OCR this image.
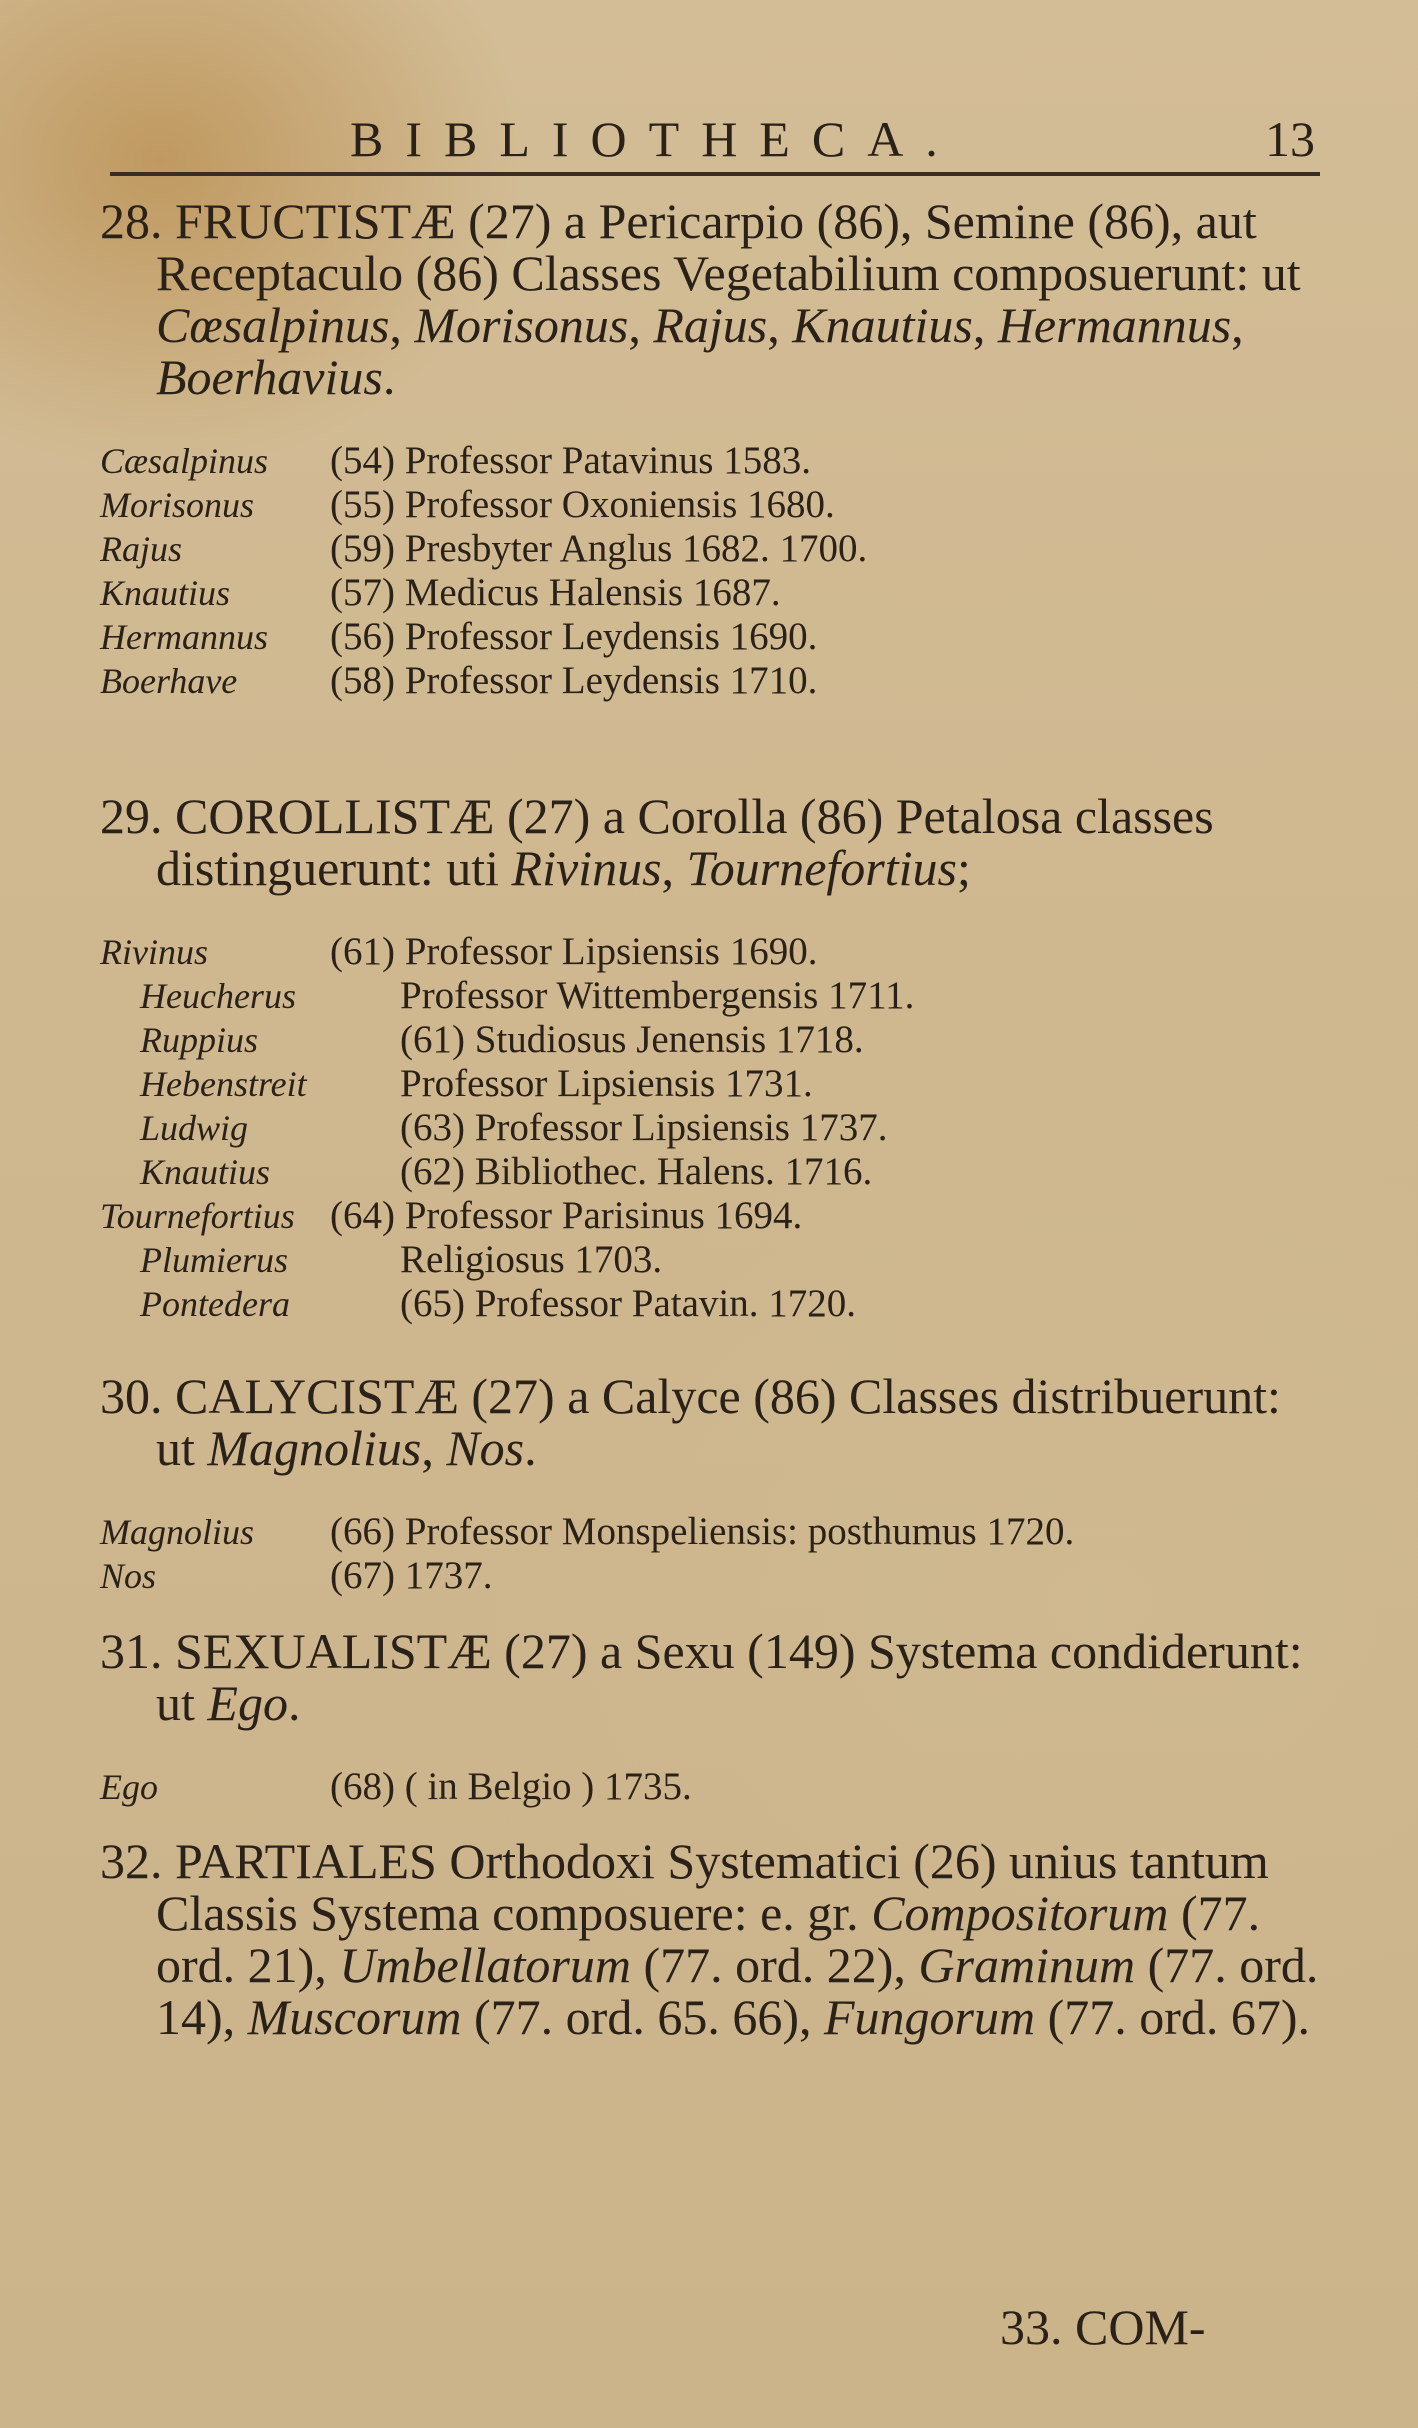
BIBLIOTHECA.	13

28. FRUCTISTÆ (27) a Pericarpio (86), Semine (86), aut Receptaculo (86) Classes Vegetabilium composuerunt: ut Cœsalpinus, Morisonus, Rajus, Knautius, Hermannus, Boerhavius.

Cæsalpinus (54) Professor Patavinus 1583.
Morisonus (55) Professor Oxoniensis 1680.
Rajus	(59) Presbyter Anglus 1682. 1700.
Knautius	(57) Medicus Halensis 1687.
Hermannus (56) Professor Leydensis 1690.
Boerhave (58) Professor Leydensis 1710.

29. COROLLISTÆ (27) a Corolla (86) Petalosa classes distinguerunt: uti Rivinus, Tournefortius;

Rivinus	(61) Professor Lipsiensis 1690.
Heucherus	Professor Wittembergensis 1711.
Ruppius	(61) Studiosus Jenensis 1718.
Hebenstreit Professor Lipsiensis 1731.
Ludwig	(63) Professor Lipsiensis 1737.
Knautius	(62) Bibliothec. Halens. 1716.
Tournefortius (64) Professor Parisinus 1694.
Plumierus	Religiosus 1703.
Pontedera	(65) Professor Patavin. 1720.

30. CALYCISTÆ (27) a Calyce (86) Classes distribuerunt: ut Magnolius, Nos.

Magnolius (66) Professor Monspeliensis: posthumus 1720.
Nos	(67) 1737.

31. SEXUALISTÆ (27) a Sexu (149) Systema condiderunt: ut Ego.

Ego	(68) ( in Belgio ) 1735.

32. PARTIALES Orthodoxi Systematici (26) unius tantum Classis Systema composuere: e. gr. Compositorum (77. ord. 21), Umbellatorum (77. ord. 22), Graminum (77. ord. 14), Muscorum (77. ord. 65. 66), Fungorum (77. ord. 67).

33. COM-
